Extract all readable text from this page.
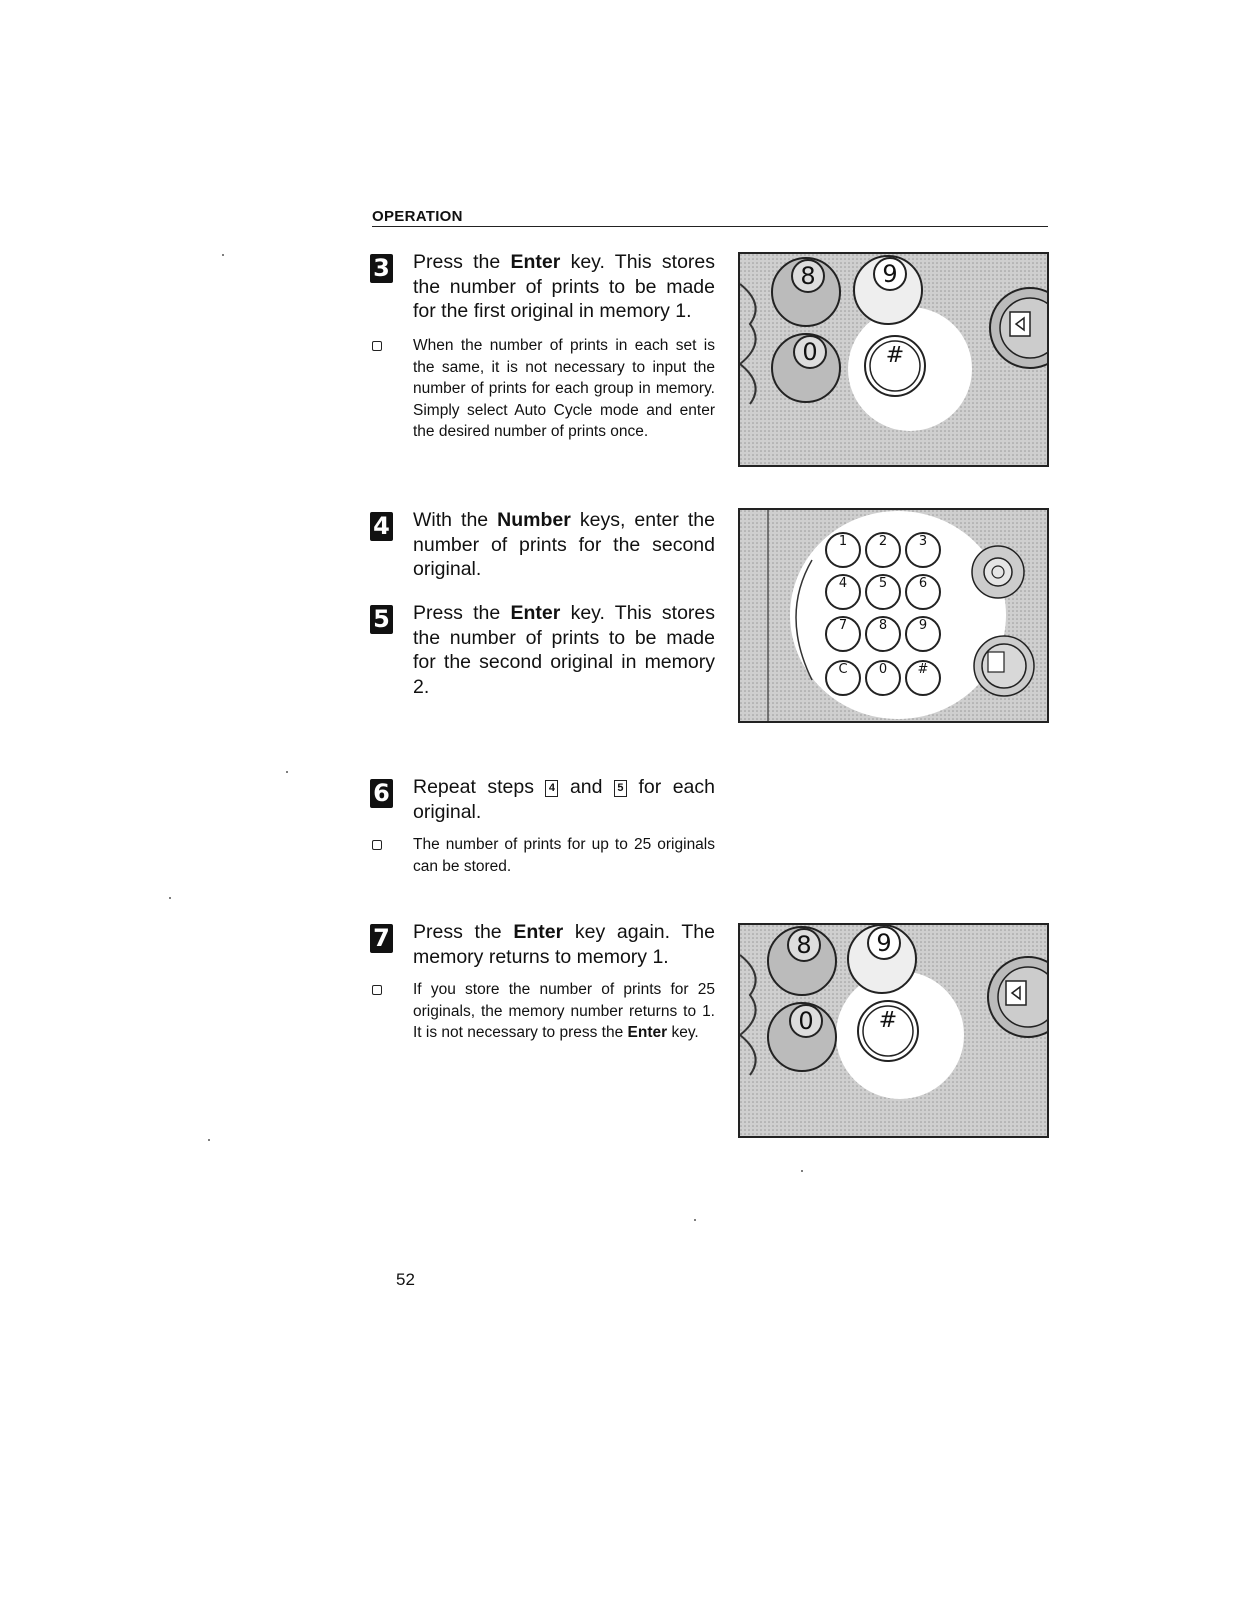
OPERATION
3 Press the Enter key. This stores the number of prints to be made for the first original in memory 1.
When the number of prints in each set is the same, it is not necessary to input the number of prints for each group in memory. Simply select Auto Cycle mode and enter the desired number of prints once.
8	9
0	#
4 With the Number keys, enter the number of prints for the second original.
5 Press the Enter key. This stores the number of prints to be made for the second original in memory 2.
1 2 3
4 5 6
7 8 9
C 0 #
6 Repeat steps 4 and 5 for each original.
The number of prints for up to 25 originals can be stored.
7 Press the Enter key again. The memory returns to memory 1.
If you store the number of prints for 25 originals, the memory number returns to 1. It is not necessary to press the Enter key.
8	9
0	#
52
